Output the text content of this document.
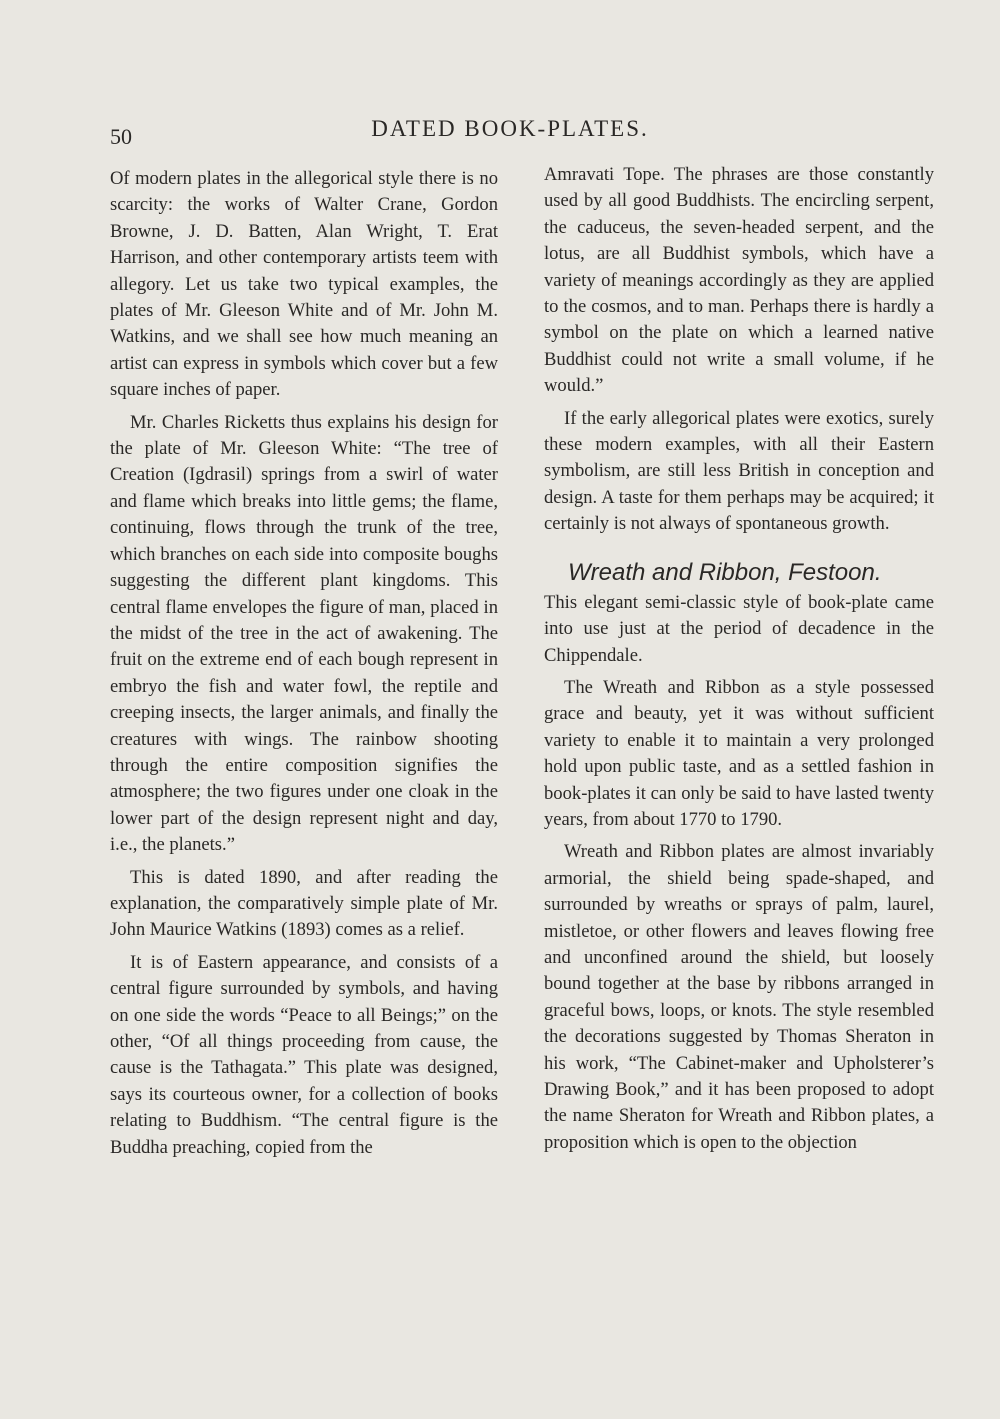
50	DATED BOOK-PLATES.

Of modern plates in the allegorical style there is no scarcity: the works of Walter Crane, Gordon Browne, J. D. Batten, Alan Wright, T. Erat Harrison, and other contemporary artists teem with allegory. Let us take two typical examples, the plates of Mr. Gleeson White and of Mr. John M. Watkins, and we shall see how much meaning an artist can express in symbols which cover but a few square inches of paper.

Mr. Charles Ricketts thus explains his design for the plate of Mr. Gleeson White: “The tree of Creation (Igdrasil) springs from a swirl of water and flame which breaks into little gems; the flame, continuing, flows through the trunk of the tree, which branches on each side into composite boughs suggesting the different plant kingdoms. This central flame envelopes the figure of man, placed in the midst of the tree in the act of awakening. The fruit on the extreme end of each bough represent in embryo the fish and water fowl, the reptile and creeping insects, the larger animals, and finally the creatures with wings. The rainbow shooting through the entire composition signifies the atmosphere; the two figures under one cloak in the lower part of the design represent night and day, i.e., the planets.”

This is dated 1890, and after reading the explanation, the comparatively simple plate of Mr. John Maurice Watkins (1893) comes as a relief.

It is of Eastern appearance, and consists of a central figure surrounded by symbols, and having on one side the words “Peace to all Beings;” on the other, “Of all things proceeding from cause, the cause is the Tathagata.” This plate was designed, says its courteous owner, for a collection of books relating to Buddhism. “The central figure is the Buddha preaching, copied from the

Amravati Tope. The phrases are those constantly used by all good Buddhists. The encircling serpent, the caduceus, the seven-headed serpent, and the lotus, are all Buddhist symbols, which have a variety of meanings accordingly as they are applied to the cosmos, and to man. Perhaps there is hardly a symbol on the plate on which a learned native Buddhist could not write a small volume, if he would.”

If the early allegorical plates were exotics, surely these modern examples, with all their Eastern symbolism, are still less British in conception and design. A taste for them perhaps may be acquired; it certainly is not always of spontaneous growth.

Wreath and Ribbon, Festoon.

This elegant semi-classic style of book-plate came into use just at the period of decadence in the Chippendale.

The Wreath and Ribbon as a style possessed grace and beauty, yet it was without sufficient variety to enable it to maintain a very prolonged hold upon public taste, and as a settled fashion in book-plates it can only be said to have lasted twenty years, from about 1770 to 1790.

Wreath and Ribbon plates are almost invariably armorial, the shield being spade-shaped, and surrounded by wreaths or sprays of palm, laurel, mistletoe, or other flowers and leaves flowing free and unconfined around the shield, but loosely bound together at the base by ribbons arranged in graceful bows, loops, or knots. The style resembled the decorations suggested by Thomas Sheraton in his work, “The Cabinet-maker and Upholsterer’s Drawing Book,” and it has been proposed to adopt the name Sheraton for Wreath and Ribbon plates, a proposition which is open to the objection
